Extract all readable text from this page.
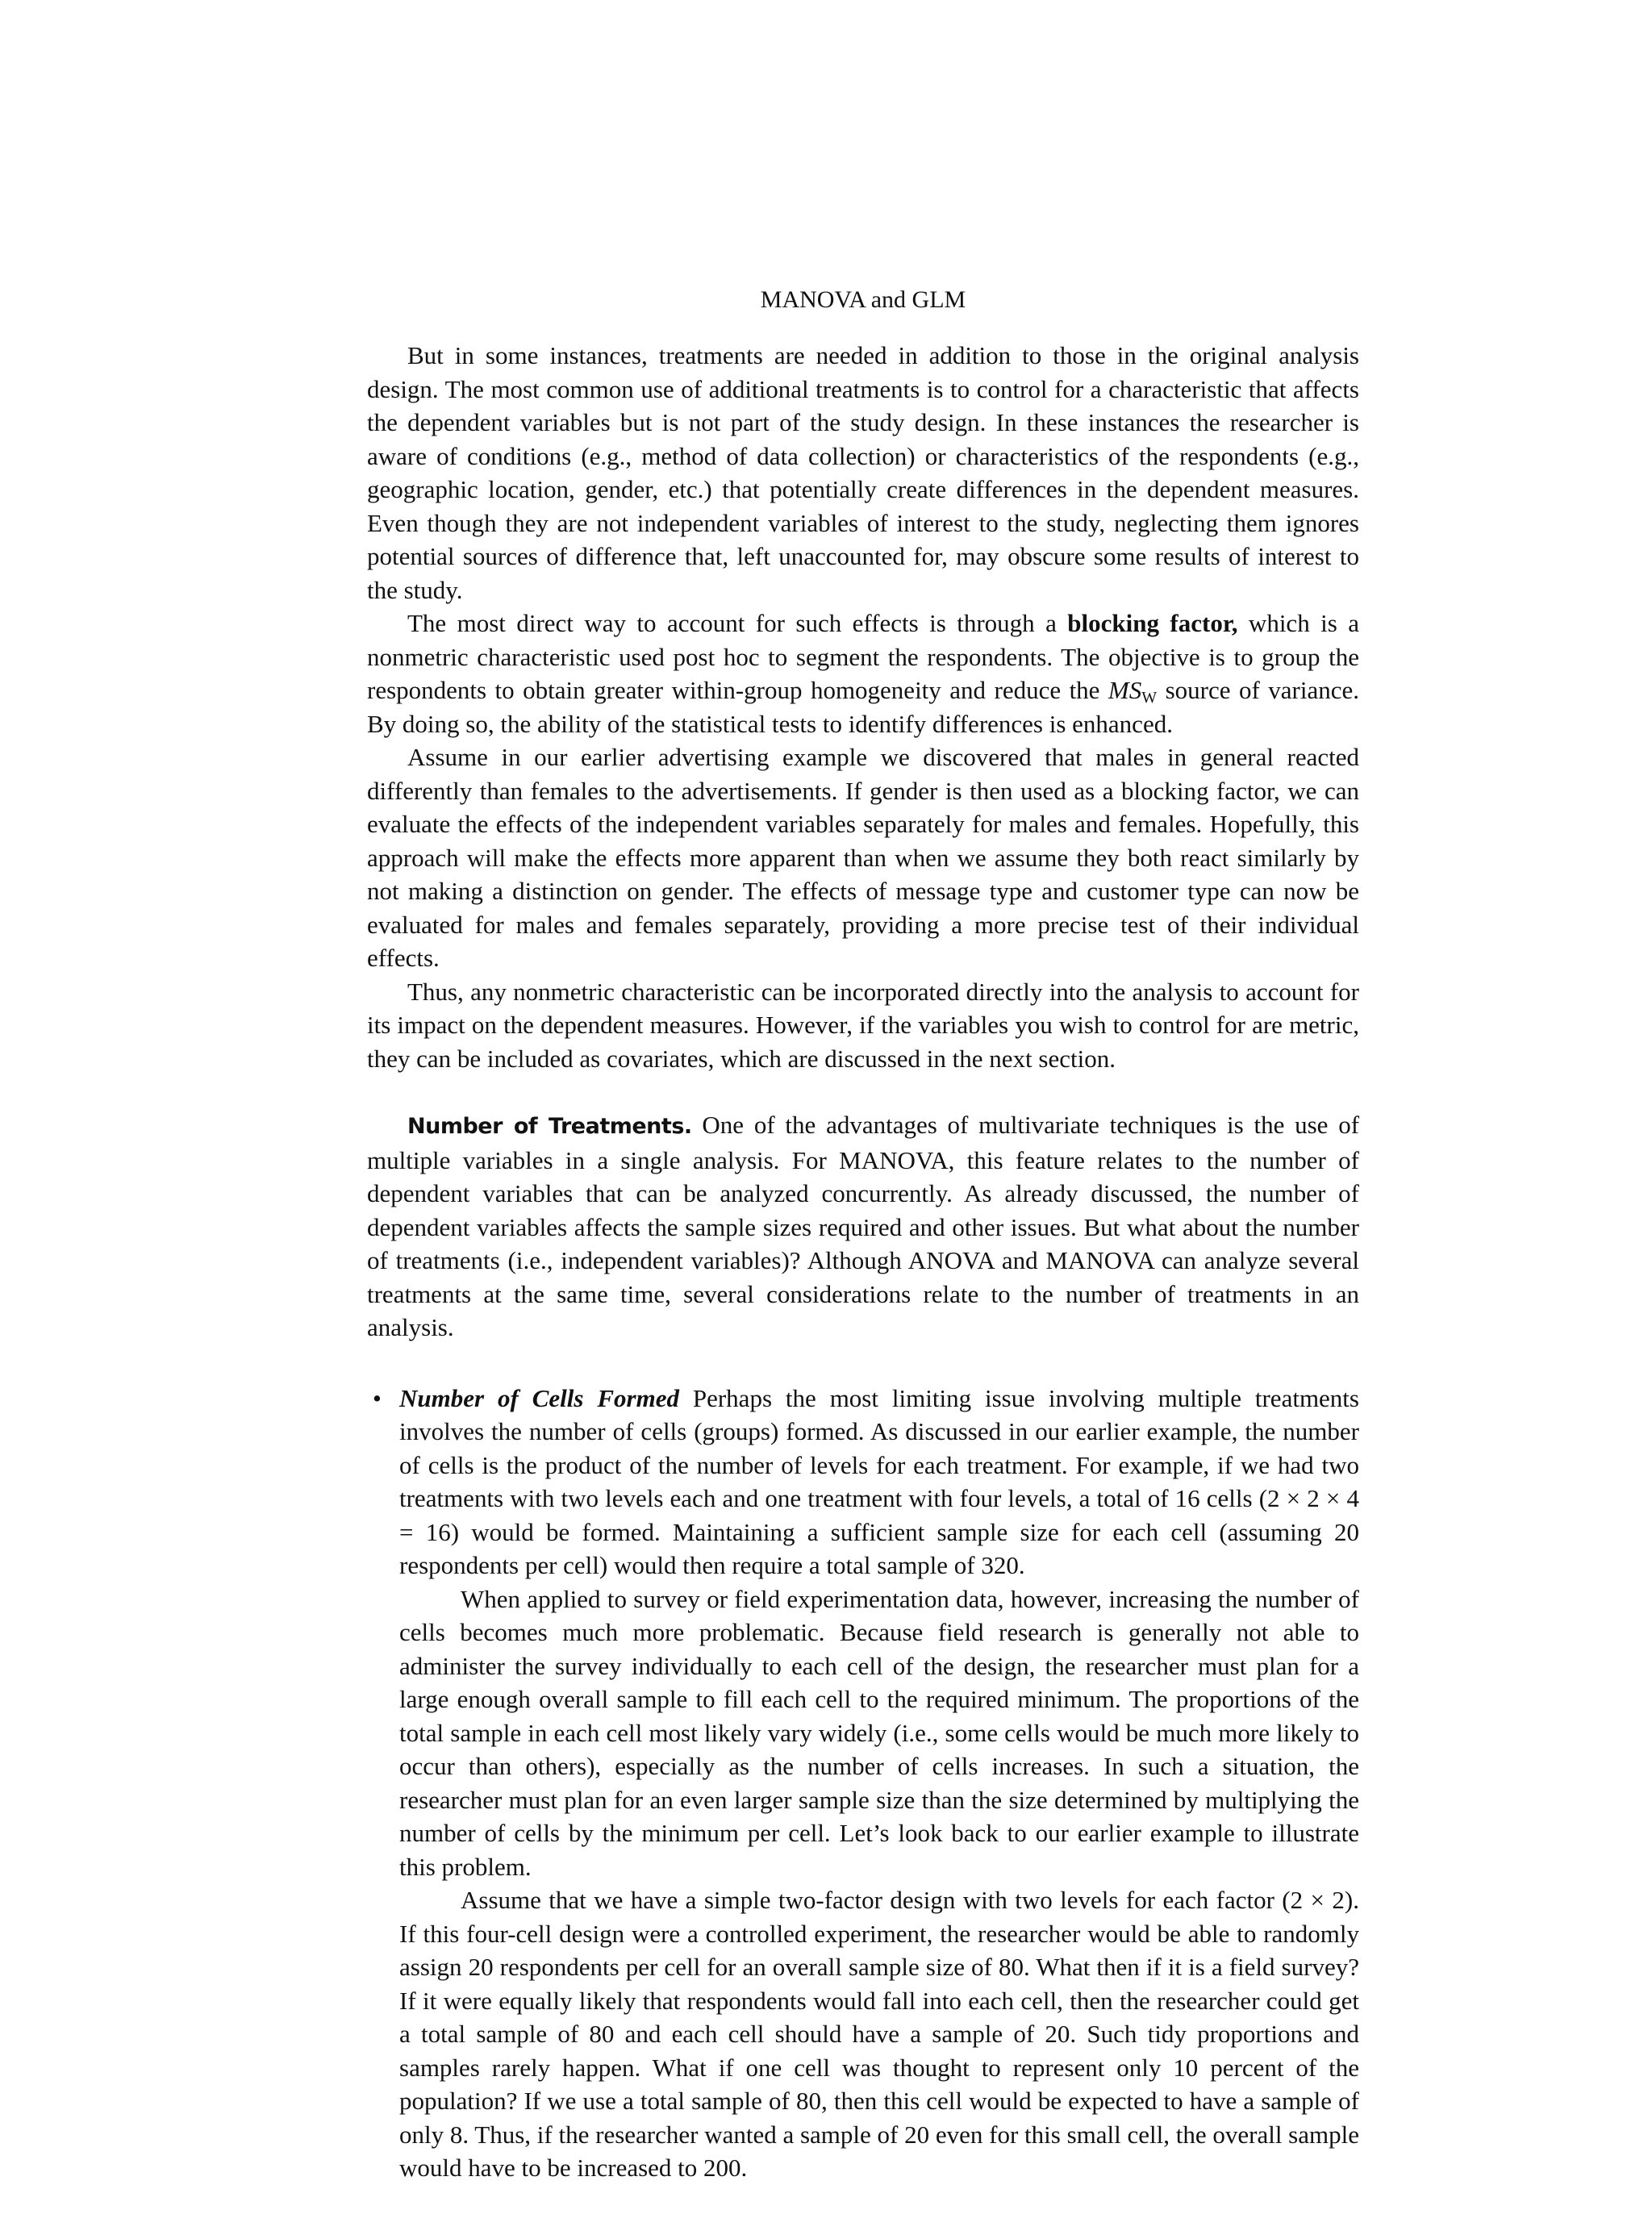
MANOVA and GLM

But in some instances, treatments are needed in addition to those in the original analysis design. The most common use of additional treatments is to control for a characteristic that affects the dependent variables but is not part of the study design. In these instances the researcher is aware of conditions (e.g., method of data collection) or characteristics of the respondents (e.g., geographic location, gender, etc.) that potentially create differences in the dependent measures. Even though they are not independent variables of interest to the study, neglecting them ignores potential sources of difference that, left unaccounted for, may obscure some results of interest to the study.

The most direct way to account for such effects is through a blocking factor, which is a nonmetric characteristic used post hoc to segment the respondents. The objective is to group the respondents to obtain greater within-group homogeneity and reduce the $MS_W$ source of variance. By doing so, the ability of the statistical tests to identify differences is enhanced.

Assume in our earlier advertising example we discovered that males in general reacted differently than females to the advertisements. If gender is then used as a blocking factor, we can evaluate the effects of the independent variables separately for males and females. Hopefully, this approach will make the effects more apparent than when we assume they both react similarly by not making a distinction on gender. The effects of message type and customer type can now be evaluated for males and females separately, providing a more precise test of their individual effects.

Thus, any nonmetric characteristic can be incorporated directly into the analysis to account for its impact on the dependent measures. However, if the variables you wish to control for are metric, they can be included as covariates, which are discussed in the next section.

Number of Treatments. One of the advantages of multivariate techniques is the use of multiple variables in a single analysis. For MANOVA, this feature relates to the number of dependent variables that can be analyzed concurrently. As already discussed, the number of dependent variables affects the sample sizes required and other issues. But what about the number of treatments (i.e., independent variables)? Although ANOVA and MANOVA can analyze several treatments at the same time, several considerations relate to the number of treatments in an analysis.

• Number of Cells Formed Perhaps the most limiting issue involving multiple treatments involves the number of cells (groups) formed. As discussed in our earlier example, the number of cells is the product of the number of levels for each treatment. For example, if we had two treatments with two levels each and one treatment with four levels, a total of 16 cells (2 × 2 × 4 = 16) would be formed. Maintaining a sufficient sample size for each cell (assuming 20 respondents per cell) would then require a total sample of 320.

When applied to survey or field experimentation data, however, increasing the number of cells becomes much more problematic. Because field research is generally not able to administer the survey individually to each cell of the design, the researcher must plan for a large enough overall sample to fill each cell to the required minimum. The proportions of the total sample in each cell most likely vary widely (i.e., some cells would be much more likely to occur than others), especially as the number of cells increases. In such a situation, the researcher must plan for an even larger sample size than the size determined by multiplying the number of cells by the minimum per cell. Let’s look back to our earlier example to illustrate this problem.

Assume that we have a simple two-factor design with two levels for each factor (2 × 2). If this four-cell design were a controlled experiment, the researcher would be able to randomly assign 20 respondents per cell for an overall sample size of 80. What then if it is a field survey? If it were equally likely that respondents would fall into each cell, then the researcher could get a total sample of 80 and each cell should have a sample of 20. Such tidy proportions and samples rarely happen. What if one cell was thought to represent only 10 percent of the population? If we use a total sample of 80, then this cell would be expected to have a sample of only 8. Thus, if the researcher wanted a sample of 20 even for this small cell, the overall sample would have to be increased to 200.
